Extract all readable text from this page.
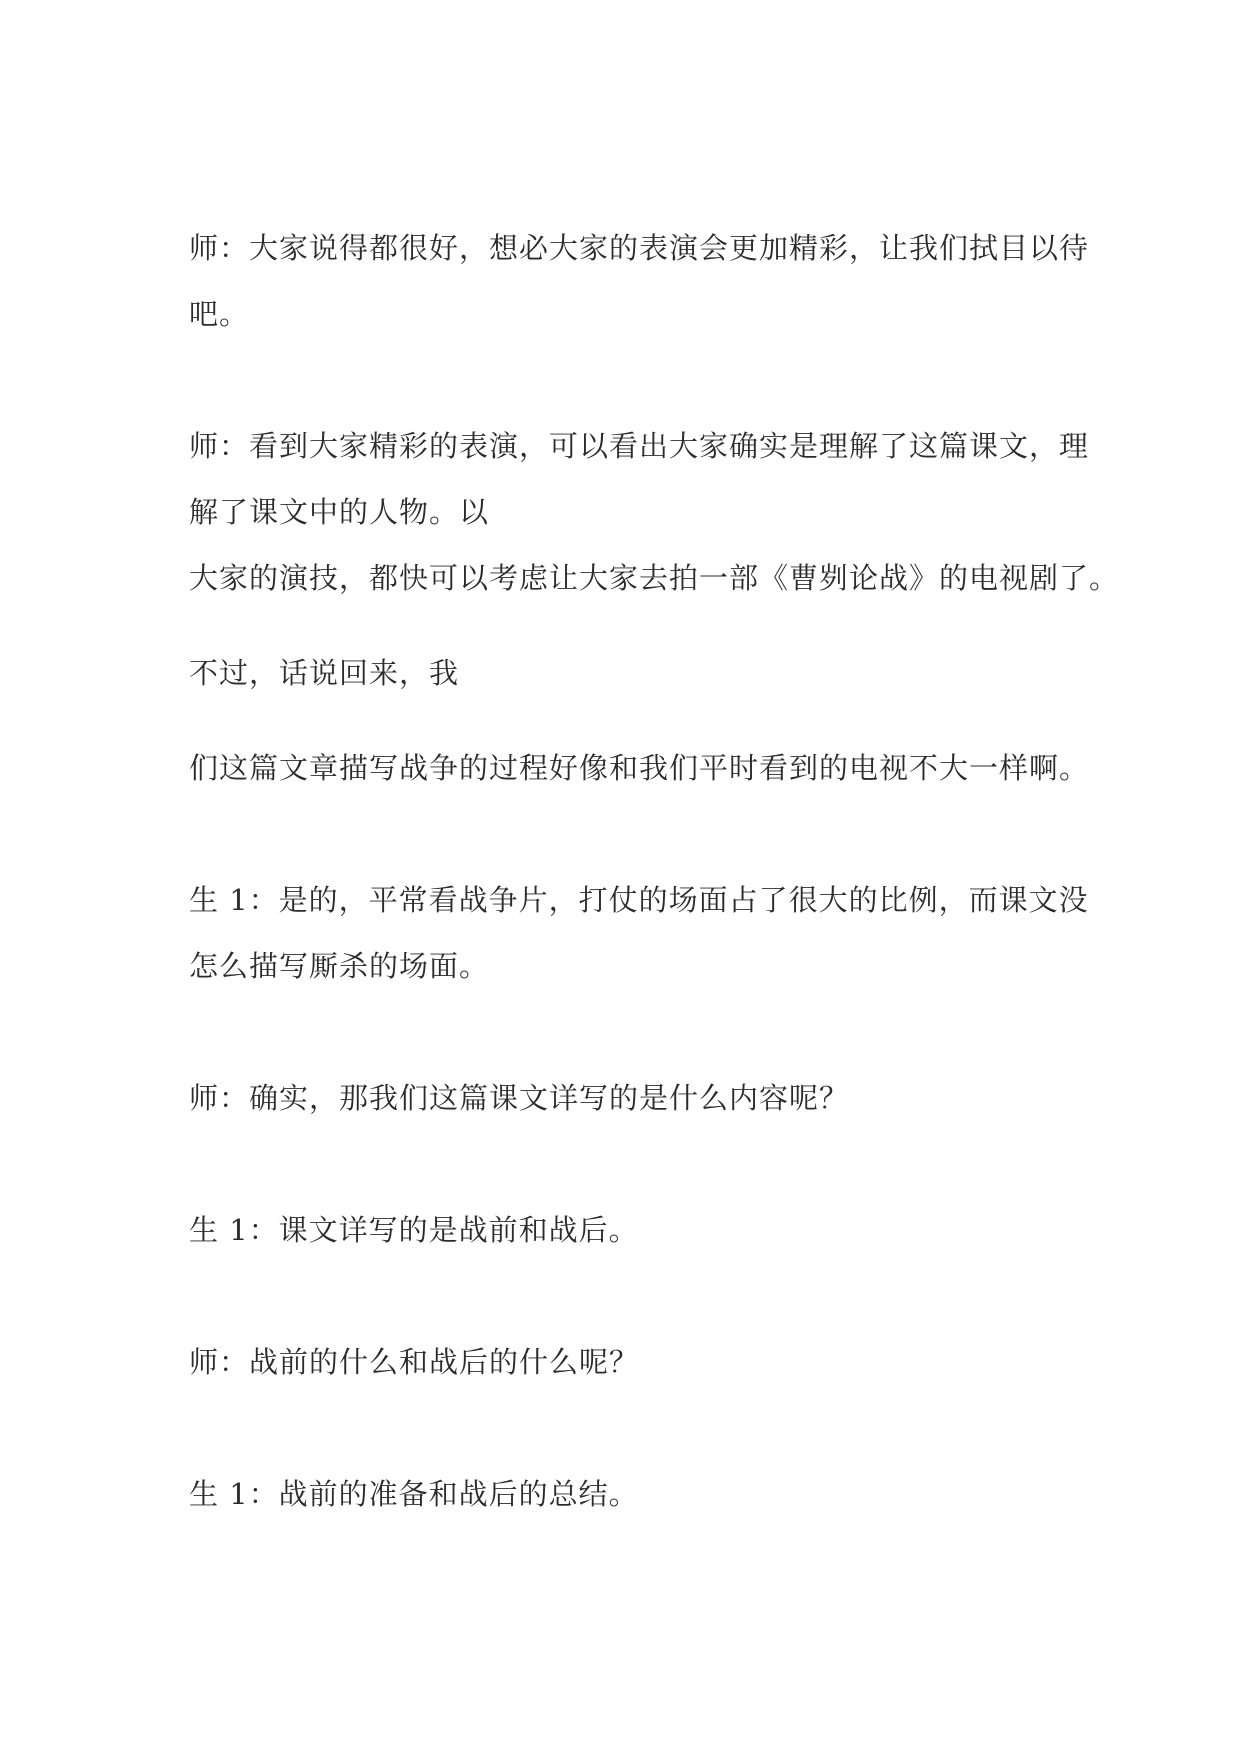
师：大家说得都很好，想必大家的表演会更加精彩，让我们拭目以待
吧。
师：看到大家精彩的表演，可以看出大家确实是理解了这篇课文，理
解了课文中的人物。以
大家的演技，都快可以考虑让大家去拍一部《曹刿论战》的电视剧了。
不过，话说回来，我
们这篇文章描写战争的过程好像和我们平时看到的电视不大一样啊。
生 1：是的，平常看战争片，打仗的场面占了很大的比例，而课文没
怎么描写厮杀的场面。
师：确实，那我们这篇课文详写的是什么内容呢？
生 1：课文详写的是战前和战后。
师：战前的什么和战后的什么呢？
生 1：战前的准备和战后的总结。
